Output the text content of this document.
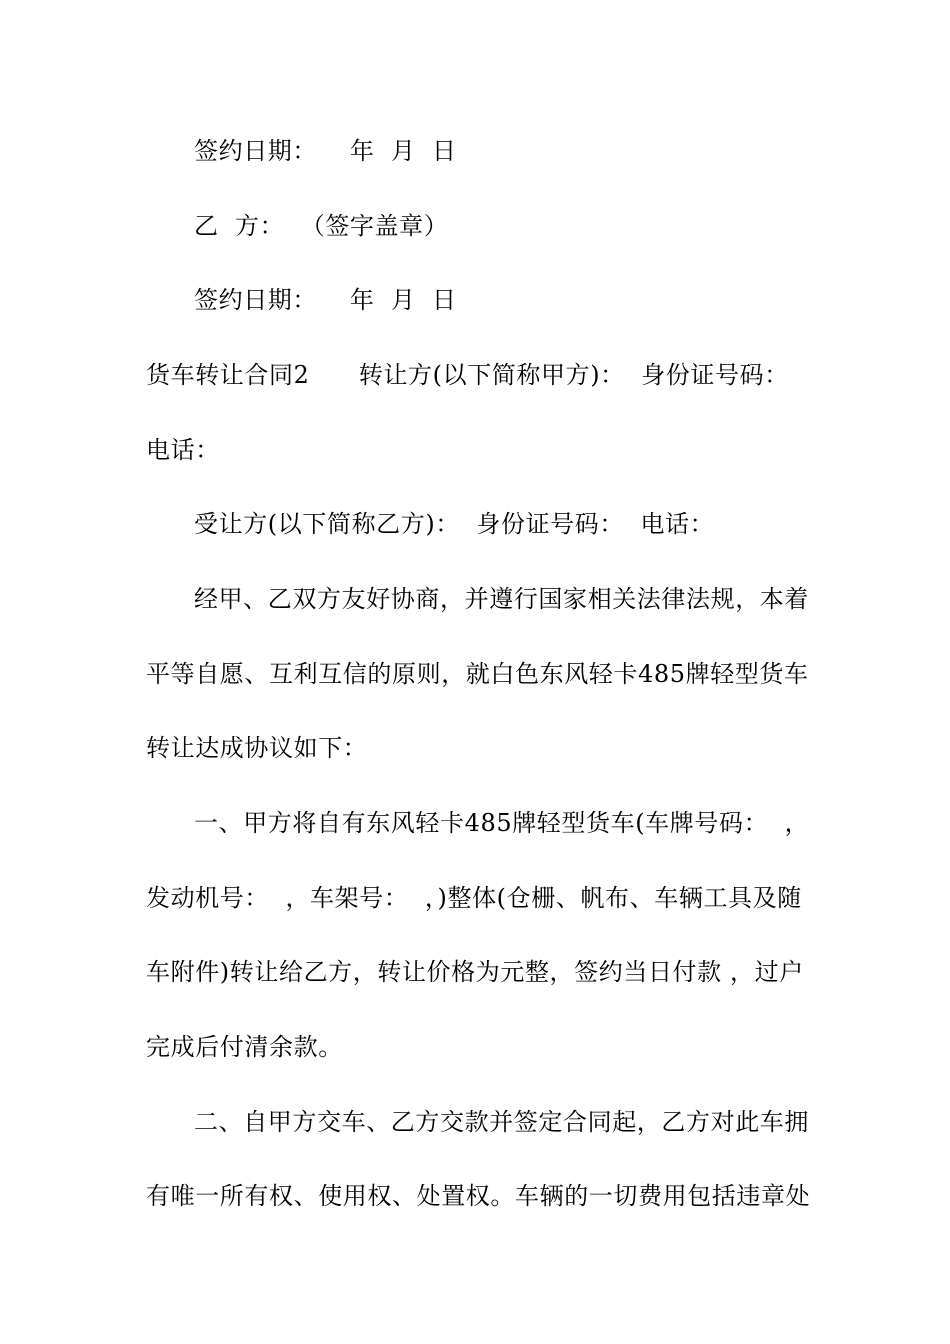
签约日期：    年  月  日
乙  方：  （签字盖章）
签约日期：    年  月  日
货车转让合同2      转让方(以下简称甲方)：  身份证号码：
电话：
受让方(以下简称乙方)：  身份证号码：  电话：
经甲、乙双方友好协商，并遵行国家相关法律法规，本着
平等自愿、互利互信的原则，就白色东风轻卡485牌轻型货车
转让达成协议如下：
一、甲方将自有东风轻卡485牌轻型货车(车牌号码：  ，
发动机号：  ，车架号：  ，)整体(仓栅、帆布、车辆工具及随
车附件)转让给乙方，转让价格为元整，签约当日付款 ，过户
完成后付清余款。
二、自甲方交车、乙方交款并签定合同起，乙方对此车拥
有唯一所有权、使用权、处置权。车辆的一切费用包括违章处
